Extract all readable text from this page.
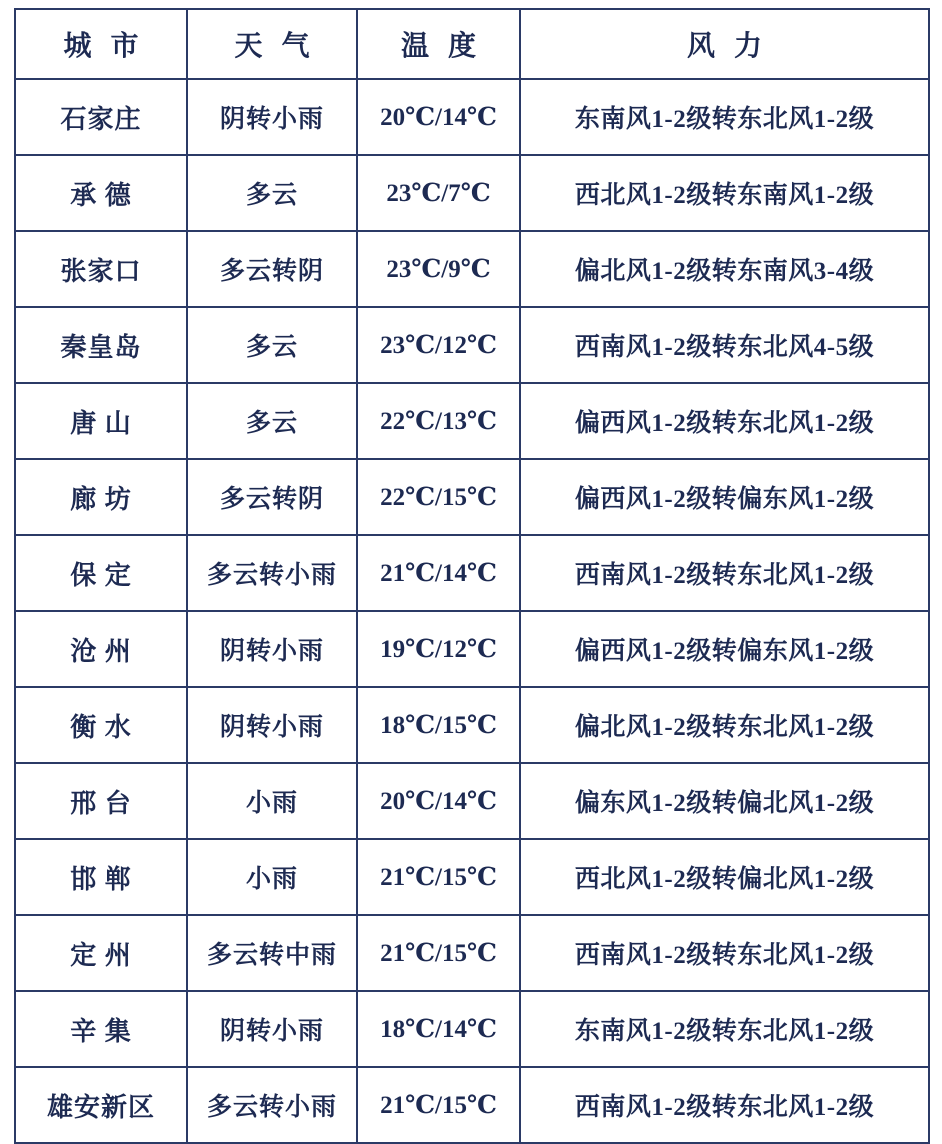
城 市	天 气	温 度	风 力
石家庄	阴转小雨	20℃/14℃	东南风1-2级转东北风1-2级
承 德	多云	23℃/7℃	西北风1-2级转东南风1-2级
张家口	多云转阴	23℃/9℃	偏北风1-2级转东南风3-4级
秦皇岛	多云	23℃/12℃	西南风1-2级转东北风4-5级
唐 山	多云	22℃/13℃	偏西风1-2级转东北风1-2级
廊 坊	多云转阴	22℃/15℃	偏西风1-2级转偏东风1-2级
保 定	多云转小雨	21℃/14℃	西南风1-2级转东北风1-2级
沧 州	阴转小雨	19℃/12℃	偏西风1-2级转偏东风1-2级
衡 水	阴转小雨	18℃/15℃	偏北风1-2级转东北风1-2级
邢 台	小雨	20℃/14℃	偏东风1-2级转偏北风1-2级
邯 郸	小雨	21℃/15℃	西北风1-2级转偏北风1-2级
定 州	多云转中雨	21℃/15℃	西南风1-2级转东北风1-2级
辛 集	阴转小雨	18℃/14℃	东南风1-2级转东北风1-2级
雄安新区	多云转小雨	21℃/15℃	西南风1-2级转东北风1-2级
